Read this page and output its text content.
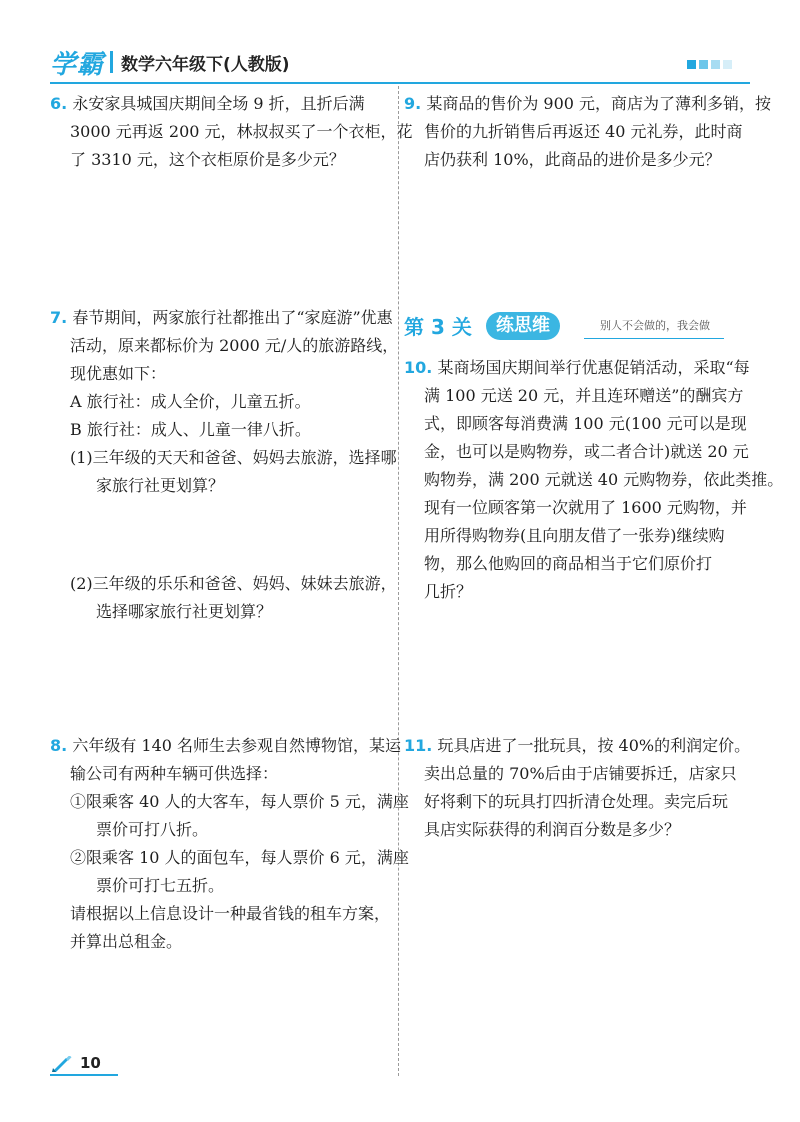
学霸 数学六年级下(人教版)

6. 永安家具城国庆期间全场 9 折，且折后满

3000 元再返 200 元，林叔叔买了一个衣柜，花

了 3310 元，这个衣柜原价是多少元？

7. 春节期间，两家旅行社都推出了“家庭游”优惠

活动，原来都标价为 2000 元/人的旅游路线，

现优惠如下：

A 旅行社：成人全价，儿童五折。

B 旅行社：成人、儿童一律八折。

(1)三年级的天天和爸爸、妈妈去旅游，选择哪

家旅行社更划算？

(2)三年级的乐乐和爸爸、妈妈、妹妹去旅游，

选择哪家旅行社更划算？

8. 六年级有 140 名师生去参观自然博物馆，某运

输公司有两种车辆可供选择：

①限乘客 40 人的大客车，每人票价 5 元，满座

票价可打八折。

②限乘客 10 人的面包车，每人票价 6 元，满座

票价可打七五折。

请根据以上信息设计一种最省钱的租车方案，

并算出总租金。

9. 某商品的售价为 900 元，商店为了薄利多销，按

售价的九折销售后再返还 40 元礼券，此时商

店仍获利 10%，此商品的进价是多少元？

第 3 关	练思维	别人不会做的，我会做

10. 某商场国庆期间举行优惠促销活动，采取“每

满 100 元送 20 元，并且连环赠送”的酬宾方

式，即顾客每消费满 100 元(100 元可以是现

金，也可以是购物券，或二者合计)就送 20 元

购物券，满 200 元就送 40 元购物券，依此类推。

现有一位顾客第一次就用了 1600 元购物，并

用所得购物券(且向朋友借了一张券)继续购

物，那么他购回的商品相当于它们原价打

几折？

11. 玩具店进了一批玩具，按 40%的利润定价。

卖出总量的 70%后由于店铺要拆迁，店家只

好将剩下的玩具打四折清仓处理。卖完后玩

具店实际获得的利润百分数是多少？

10
